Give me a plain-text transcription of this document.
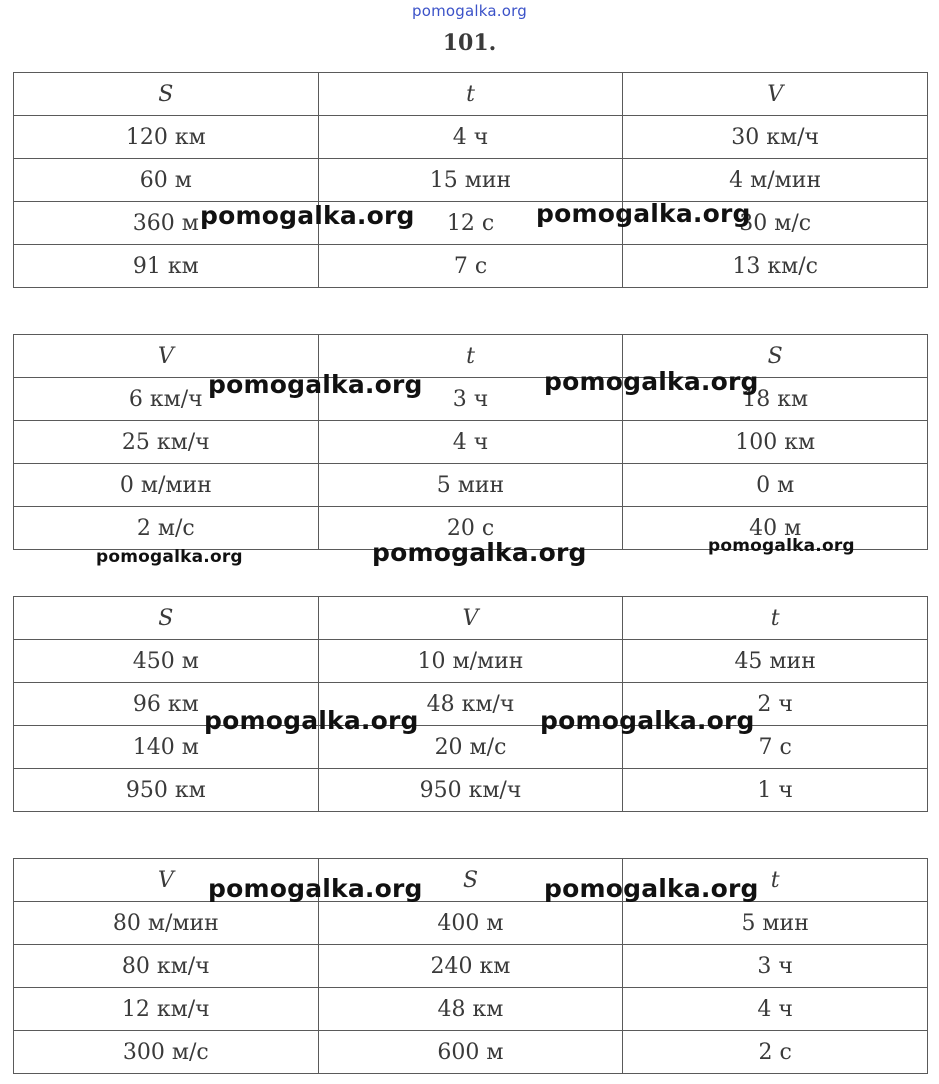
pomogalka.org
101.
S	t	V
120 км	4 ч	30 км/ч
60 м	15 мин	4 м/мин
360 м	12 с	30 м/с
91 км	7 с	13 км/с
V	t	S
6 км/ч	3 ч	18 км
25 км/ч	4 ч	100 км
0 м/мин	5 мин	0 м
2 м/с	20 с	40 м
S	V	t
450 м	10 м/мин	45 мин
96 км	48 км/ч	2 ч
140 м	20 м/с	7 с
950 км	950 км/ч	1 ч
V	S	t
80 м/мин	400 м	5 мин
80 км/ч	240 км	3 ч
12 км/ч	48 км	4 ч
300 м/с	600 м	2 с
pomogalka.org	pomogalka.org
pomogalka.org	pomogalka.org
pomogalka.org	pomogalka.org	pomogalka.org
pomogalka.org	pomogalka.org
pomogalka.org	pomogalka.org
